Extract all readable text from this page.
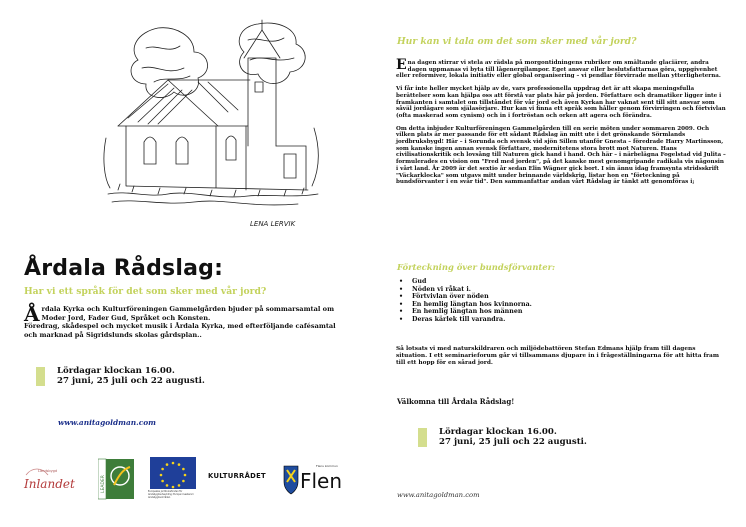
LENA LERVIK
Årdala Rådslag:
Har vi ett språk för det som sker med vår jord?
Årdala Kyrka och Kulturföreningen Gammelgården bjuder på sommarsamtal om Moder Jord, Fader Gud, Språket och Konsten.
Föredrag, skådespel och mycket musik i Årdala Kyrka, med efterföljande cafésamtal och marknad på Sigridslunds skolas gårdsplan..
Lördagar klockan 16.00.
27 juni, 25 juli och 22 augusti.
www.anitagoldman.com
Landsbygd
Inlandet	LEADER	Europeiska jordbruksfonden för landsbygdsutveckling: Europa investerar i landsbygdsområden
KULTURRÅDET
Flens kommun
Flen
Hur kan vi tala om det som sker med vår jord?

Ena dagen stirrar vi stela av rädsla på morgontidningens rubriker om smältande glaciärer, andra dagen uppmanas vi byta till lågenergilampor. Eget ansvar eller beslutsfattarnas göra, uppgivenhet eller reformiver, lokala initiativ eller global organisering – vi pendlar förvirrade mellan ytterligheterna.

Vi får inte heller mycket hjälp av de, vars professionella uppdrag det är att skapa meningsfulla berättelser som kan hjälpa oss att förstå var plats här på jorden. Författare och dramatiker ligger inte i framkanten i samtalet om tillståndet för vår jord och även Kyrkan har vaknat sent till sitt ansvar som såväl jordägare som själasörjare. Hur kan vi finna ett språk som håller genom förvirringen och förtvivlan (ofta maskerad som cynism) och in i fortröstan och orken att agera och förändra.

Om detta inbjuder Kulturföreningen Gammelgården till en serie möten under sommaren 2009. Och vilken plats är mer passande för ett sådant Rådslag än mitt ute i det grönskande Sörmlands jordbruksbygd! Här – i Sorunda och svensk vid sjön Sillen utanför Gnesta – föredrade Harry Martinsson, som kanske ingen annan svensk författare, modernitetens stora brott mot Naturen. Hans civilisationskritik och lovsång till Naturen gick hand i hand. Och här – i närbelägna Fogelstad vid Julita – formulerades en vision om "Fred med jorden", på det kanske mest genomgripande radikala vis någonsin i vårt land. År 2009 är det sextio år sedan Elin Wägner gick bort. I sin ännu idag framsynta stridsskrift "Väckarklocka" som utgavs mitt under brinnande världskrig, listar hon en "förteckning på bundsförvanter i en svår tid". Den sammanfattar andan vårt Rådslag är tänkt att genomföras i;

Förteckning över bundsförvanter:
• Gud
• Nöden vi råkat i.
• Förtvivlan över nöden
• En hemlig längtan hos kvinnorna.
• En hemlig längtan hos männen
• Deras kärlek till varandra.
Så lotsats vi med naturskildraren och miljödebattören Stefan Edmans hjälp fram till dagens situation. I ett seminarieforum går vi tillsammans djupare in i frågeställningarna för att hitta fram till ett hopp för en sårad jord.
Välkomna till Årdala Rådslag!
Lördagar klockan 16.00.
27 juni, 25 juli och 22 augusti.
www.anitagoldman.com
